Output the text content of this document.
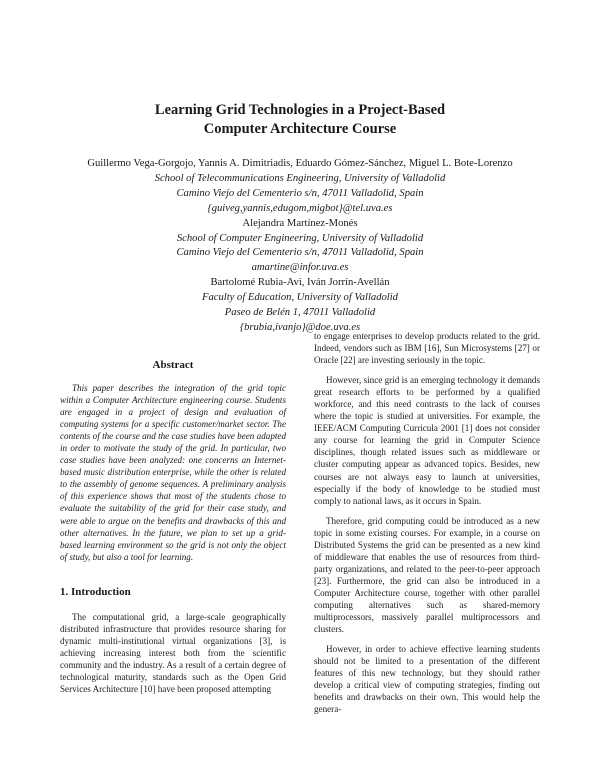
Learning Grid Technologies in a Project-Based
Computer Architecture Course
Guillermo Vega-Gorgojo, Yannis A. Dimitriadis, Eduardo Gómez-Sánchez, Miguel L. Bote-Lorenzo
School of Telecommunications Engineering, University of Valladolid
Camino Viejo del Cementerio s/n, 47011 Valladolid, Spain
{guiveg,yannis,edugom,migbot}@tel.uva.es
Alejandra Martínez-Monés
School of Computer Engineering, University of Valladolid
Camino Viejo del Cementerio s/n, 47011 Valladolid, Spain
amartine@infor.uva.es
Bartolomé Rubia-Avi, Iván Jorrín-Avellán
Faculty of Education, University of Valladolid
Paseo de Belén 1, 47011 Valladolid
{brubia,ivanjo}@doe.uva.es
Abstract

This paper describes the integration of the grid topic within a Computer Architecture engineering course. Students are engaged in a project of design and evaluation of computing systems for a specific customer/market sector. The contents of the course and the case studies have been adapted in order to motivate the study of the grid. In particular, two case studies have been analyzed: one concerns an Internet-based music distribution enterprise, while the other is related to the assembly of genome sequences. A preliminary analysis of this experience shows that most of the students chose to evaluate the suitability of the grid for their case study, and were able to argue on the benefits and drawbacks of this and other alternatives. In the future, we plan to set up a grid-based learning environment so the grid is not only the object of study, but also a tool for learning.

1. Introduction

The computational grid, a large-scale geographically distributed infrastructure that provides resource sharing for dynamic multi-institutional virtual organizations [3], is achieving increasing interest both from the scientific community and the industry. As a result of a certain degree of technological maturity, standards such as the Open Grid Services Architecture [10] have been proposed attempting

to engage enterprises to develop products related to the grid. Indeed, vendors such as IBM [16], Sun Microsystems [27] or Oracle [22] are investing seriously in the topic.

However, since grid is an emerging technology it demands great research efforts to be performed by a qualified workforce, and this need contrasts to the lack of courses where the topic is studied at universities. For example, the IEEE/ACM Computing Curricula 2001 [1] does not consider any course for learning the grid in Computer Science disciplines, though related issues such as middleware or cluster computing appear as advanced topics. Besides, new courses are not always easy to launch at universities, especially if the body of knowledge to be studied must comply to national laws, as it occurs in Spain.

Therefore, grid computing could be introduced as a new topic in some existing courses. For example, in a course on Distributed Systems the grid can be presented as a new kind of middleware that enables the use of resources from third-party organizations, and related to the peer-to-peer approach [23]. Furthermore, the grid can also be introduced in a Computer Architecture course, together with other parallel computing alternatives such as shared-memory multiprocessors, massively parallel multiprocessors and clusters.

However, in order to achieve effective learning students should not be limited to a presentation of the different features of this new technology, but they should rather develop a critical view of computing strategies, finding out benefits and drawbacks on their own. This would help the genera-
